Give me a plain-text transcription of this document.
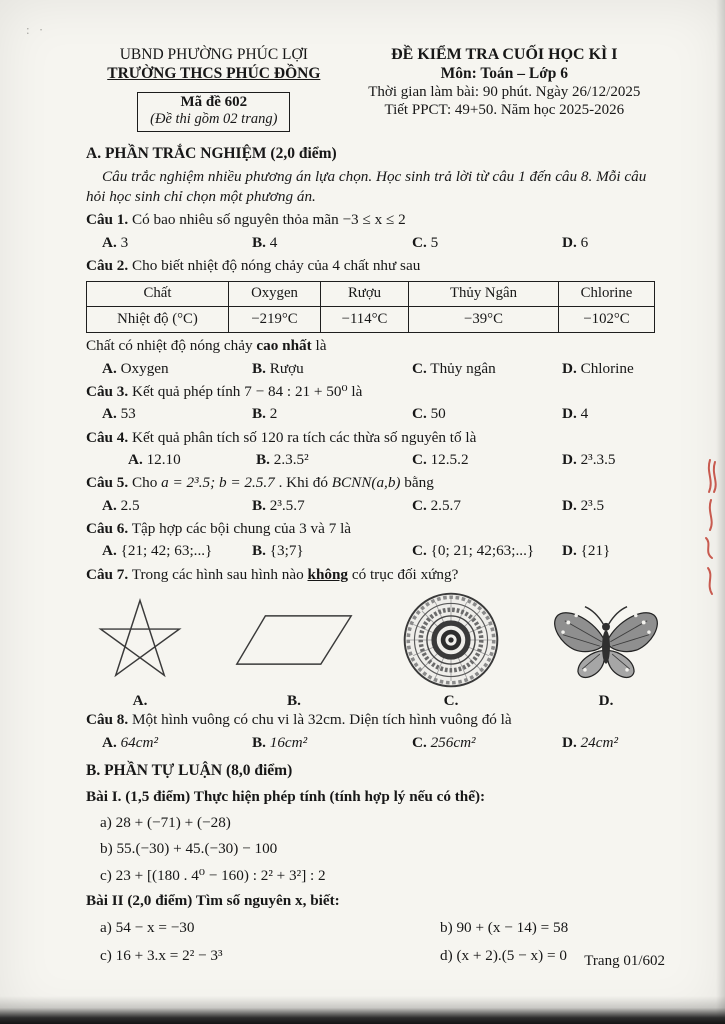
: ·
UBND PHƯỜNG PHÚC LỢI
TRƯỜNG THCS PHÚC ĐỒNG
Mã đề 602
(Đề thi gồm 02 trang)
ĐỀ KIỂM TRA CUỐI HỌC KÌ I
Môn: Toán – Lớp 6
Thời gian làm bài: 90 phút. Ngày 26/12/2025
Tiết PPCT: 49+50. Năm học 2025-2026

A. PHẦN TRẮC NGHIỆM (2,0 điểm)

Câu trắc nghiệm nhiều phương án lựa chọn. Học sinh trả lời từ câu 1 đến câu 8. Mỗi câu hỏi học sinh chỉ chọn một phương án.

Câu 1. Có bao nhiêu số nguyên thỏa mãn −3 ≤ x ≤ 2

A. 3	B. 4	C. 5	D. 6

Câu 2. Cho biết nhiệt độ nóng chảy của 4 chất như sau

Chất	Oxygen	Rượu	Thủy Ngân	Chlorine
Nhiệt độ (°C)	−219°C	−114°C	−39°C	−102°C

Chất có nhiệt độ nóng chảy cao nhất là

A. Oxygen	B. Rượu	C. Thủy ngân	D. Chlorine

Câu 3. Kết quả phép tính 7 − 84 : 21 + 50⁰ là

A. 53	B. 2	C. 50	D. 4

Câu 4. Kết quả phân tích số 120 ra tích các thừa số nguyên tố là

A. 12.10	B. 2.3.5²	C. 12.5.2	D. 2³.3.5

Câu 5. Cho a = 2³.5; b = 2.5.7 . Khi đó BCNN(a,b) bằng

A. 2.5	B. 2³.5.7	C. 2.5.7	D. 2³.5

Câu 6. Tập hợp các bội chung của 3 và 7 là

A. {21; 42; 63;...}	B. {3;7}	C. {0; 21; 42;63;...}	D. {21}

Câu 7. Trong các hình sau hình nào không có trục đối xứng?

A.	B.	C.	D.

Câu 8. Một hình vuông có chu vi là 32cm. Diện tích hình vuông đó là

A. 64cm²	B. 16cm²	C. 256cm²	D. 24cm²

B. PHẦN TỰ LUẬN (8,0 điểm)

Bài I. (1,5 điểm) Thực hiện phép tính (tính hợp lý nếu có thể):

a) 28 + (−71) + (−28)

b) 55.(−30) + 45.(−30) − 100

c) 23 + [(180 . 4⁰ − 160) : 2² + 3²] : 2

Bài II (2,0 điểm) Tìm số nguyên x, biết:

a) 54 − x = −30	b) 90 + (x − 14) = 58

c) 16 + 3.x = 2² − 3³	d) (x + 2).(5 − x) = 0	Trang 01/602
